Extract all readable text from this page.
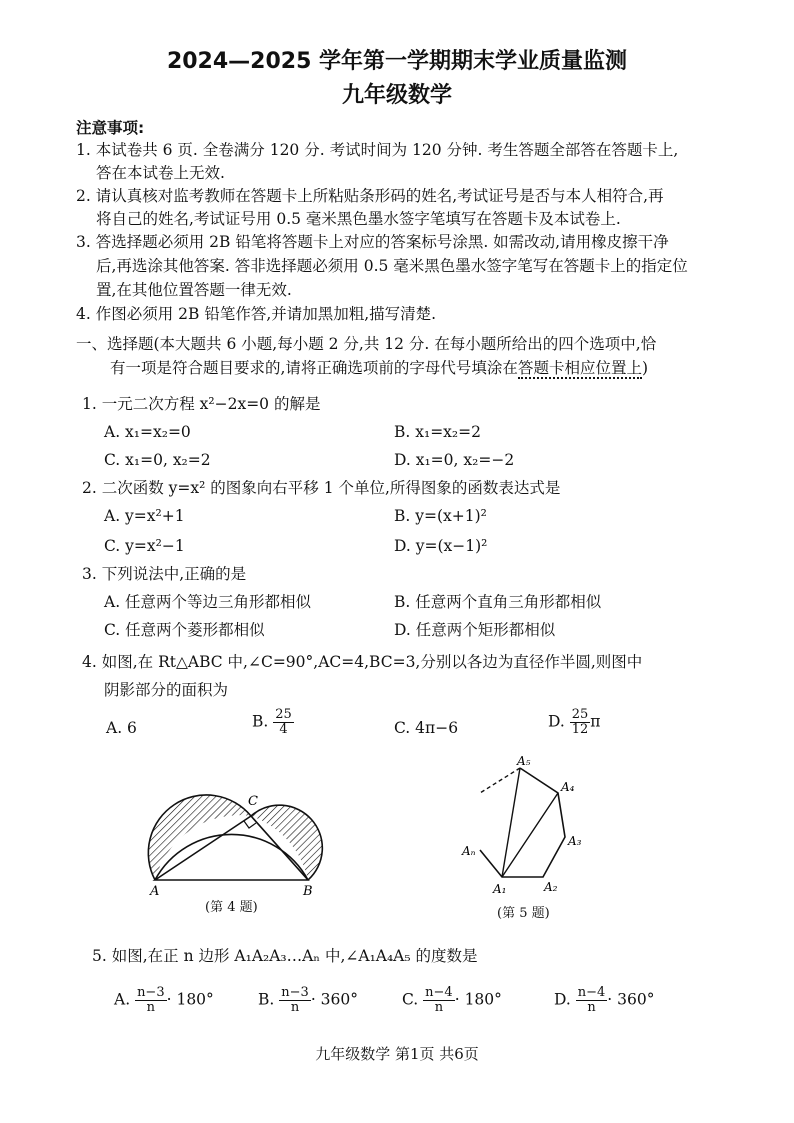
2024—2025 学年第一学期期末学业质量监测
九年级数学
注意事项:
1. 本试卷共 6 页. 全卷满分 120 分. 考试时间为 120 分钟. 考生答题全部答在答题卡上,
答在本试卷上无效.
2. 请认真核对监考教师在答题卡上所粘贴条形码的姓名,考试证号是否与本人相符合,再
将自己的姓名,考试证号用 0.5 毫米黑色墨水签字笔填写在答题卡及本试卷上.
3. 答选择题必须用 2B 铅笔将答题卡上对应的答案标号涂黑. 如需改动,请用橡皮擦干净
后,再选涂其他答案. 答非选择题必须用 0.5 毫米黑色墨水签字笔写在答题卡上的指定位
置,在其他位置答题一律无效.
4. 作图必须用 2B 铅笔作答,并请加黑加粗,描写清楚.
一、选择题(本大题共 6 小题,每小题 2 分,共 12 分. 在每小题所给出的四个选项中,恰
有一项是符合题目要求的,请将正确选项前的字母代号填涂在答题卡相应位置上)
1. 一元二次方程 x²−2x=0 的解是
A. x₁=x₂=0	B. x₁=x₂=2
C. x₁=0, x₂=2	D. x₁=0, x₂=−2
2. 二次函数 y=x² 的图象向右平移 1 个单位,所得图象的函数表达式是
A. y=x²+1	B. y=(x+1)²
C. y=x²−1	D. y=(x−1)²
3. 下列说法中,正确的是
A. 任意两个等边三角形都相似	B. 任意两个直角三角形都相似
C. 任意两个菱形都相似	D. 任意两个矩形都相似
4. 如图,在 Rt△ABC 中,∠C=90°,AC=4,BC=3,分别以各边为直径作半圆,则图中
阴影部分的面积为
A. 6	B. $\frac{25}{4}$	C. 4π−6	D. $\frac{25}{12}$ π
A	B
C
(第 4 题)
A₁	A₂
A₃
A₄
A₅
Aₙ
(第 5 题)
5. 如图,在正 n 边形 A₁A₂A₃…Aₙ 中,∠A₁A₄A₅ 的度数是
A. $\frac{n-3}{n} \cdot 180^\circ$	B. $\frac{n-3}{n} \cdot 360^\circ$	C. $\frac{n-4}{n} \cdot 180^\circ$	D. $\frac{n-4}{n} \cdot 360^\circ$
九年级数学 第1页 共6页
